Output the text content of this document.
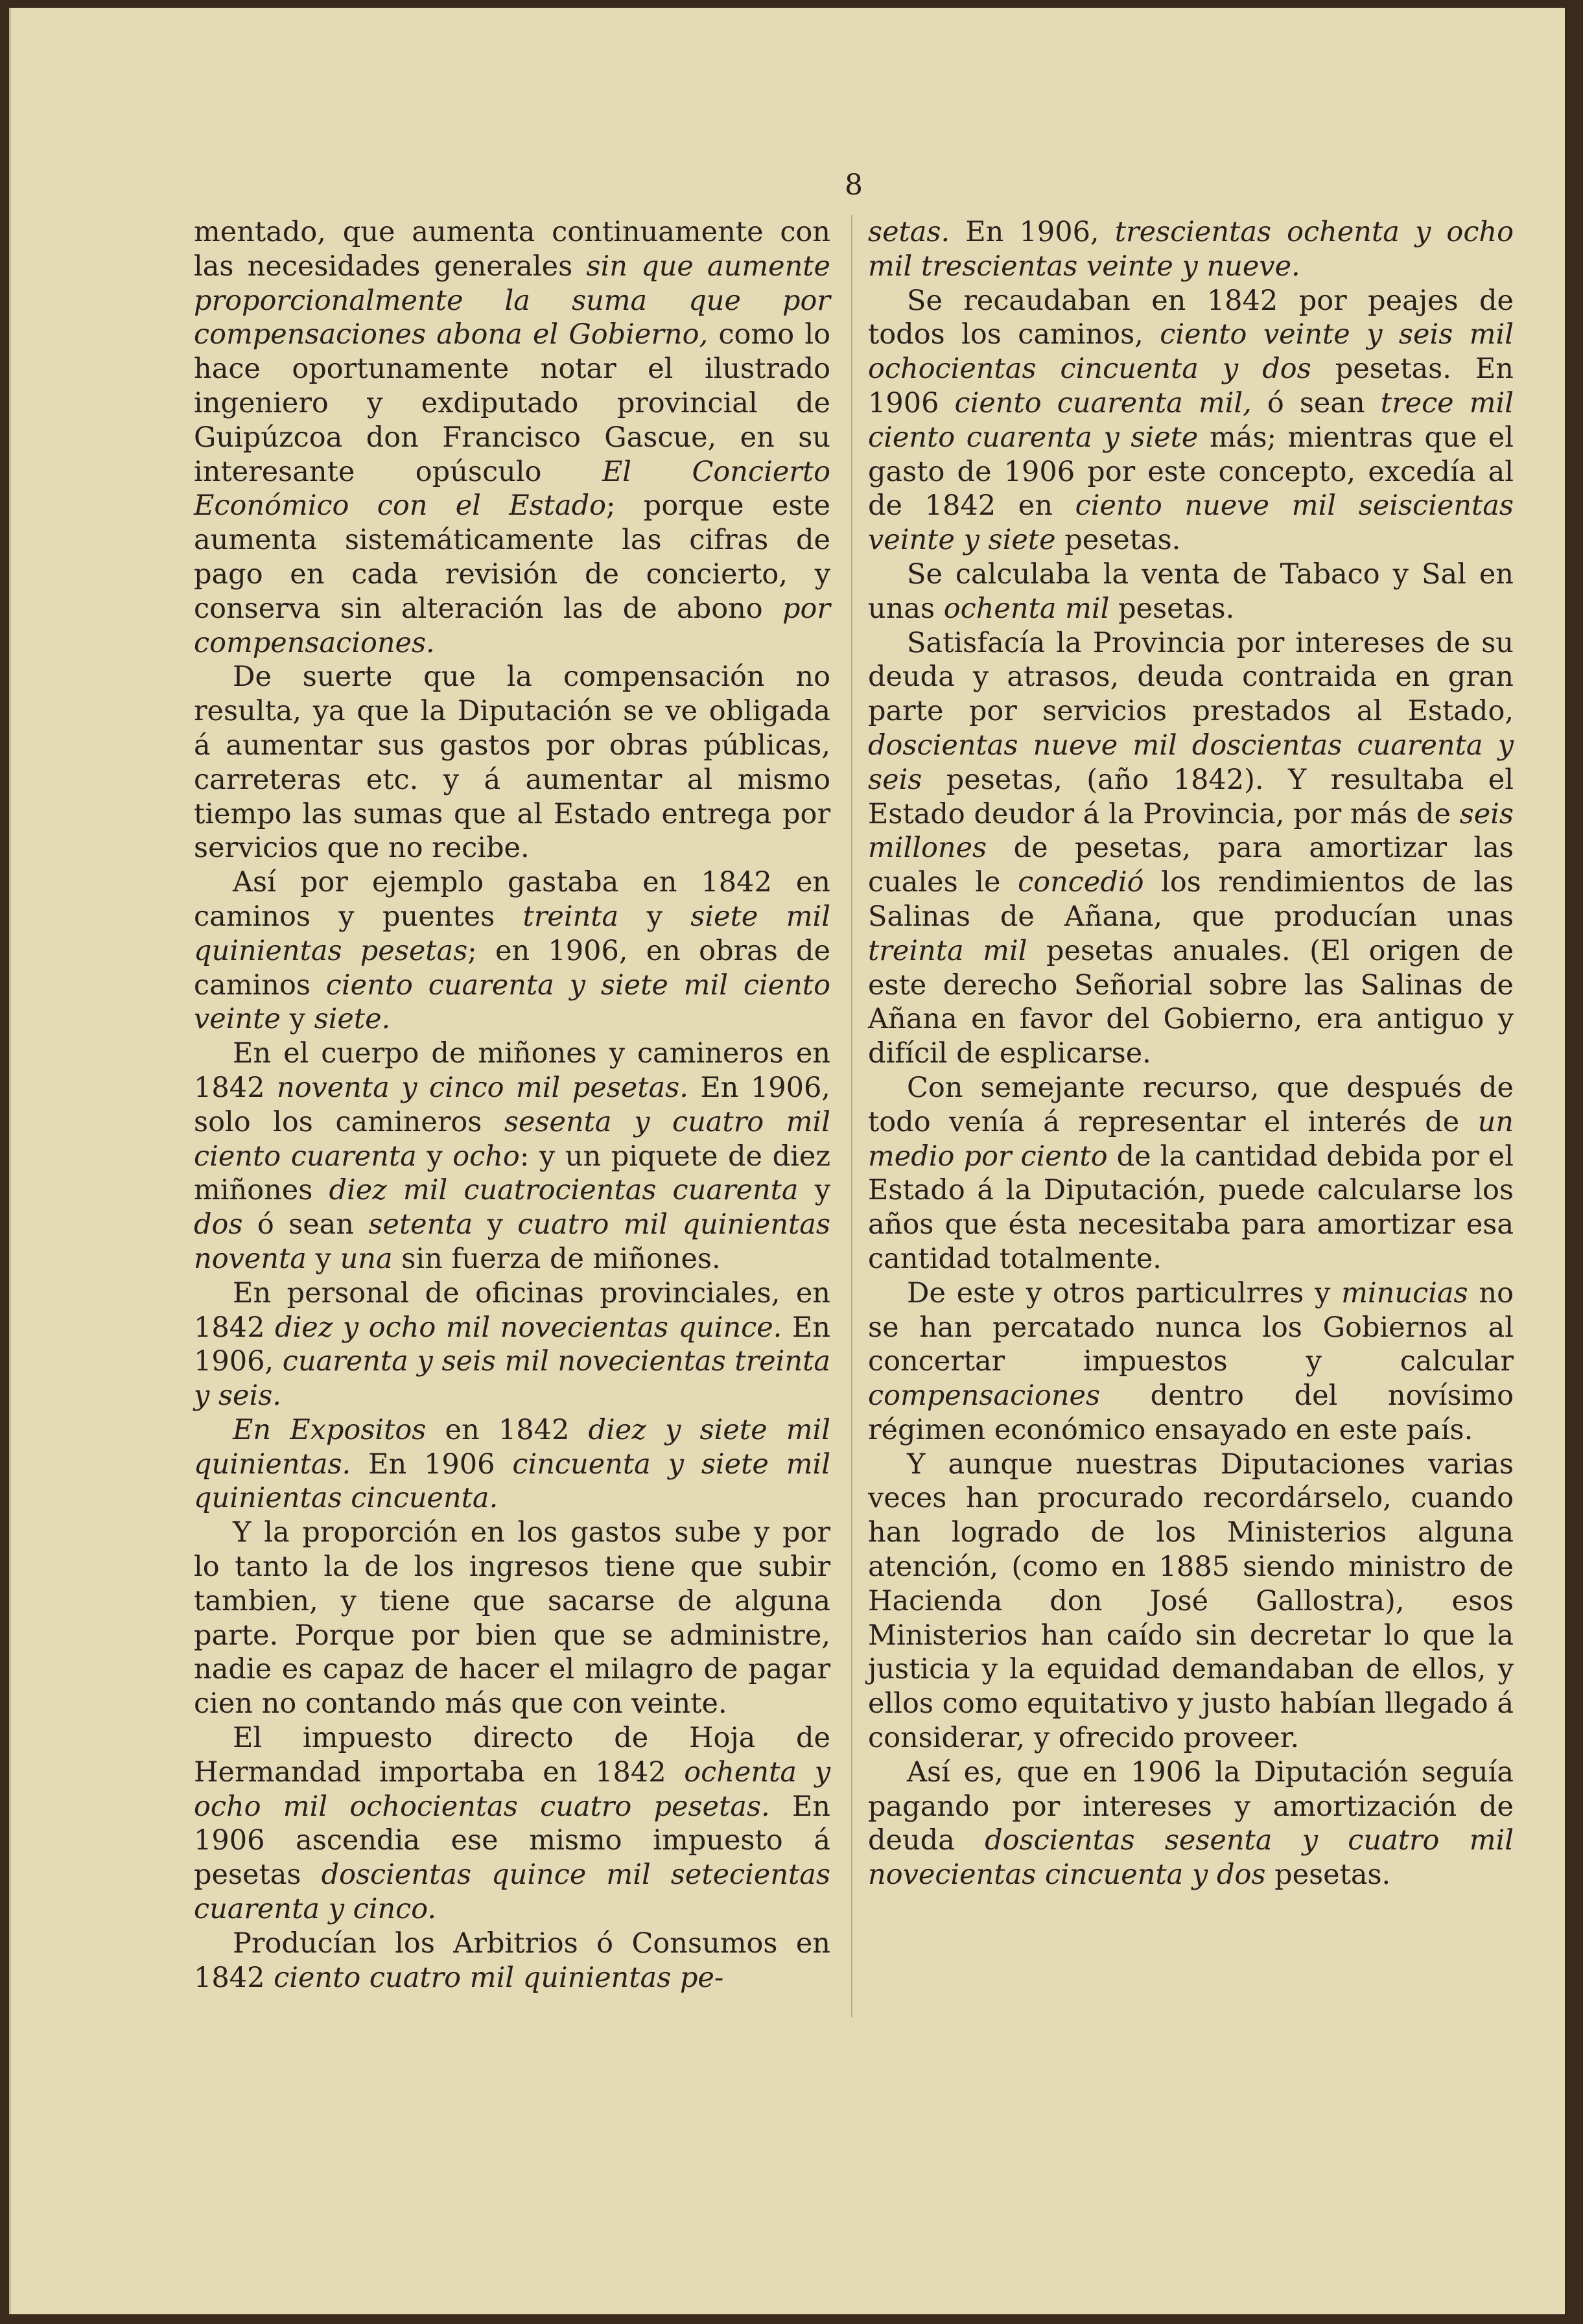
8

mentado, que aumenta continuamente con las necesidades generales sin que aumente proporcionalmente la suma que por compensaciones abona el Gobierno, como lo hace oportunamente notar el ilustrado ingeniero y exdiputado provincial de Guipúzcoa don Francisco Gascue, en su interesante opúsculo El Concierto Económico con el Estado; porque este aumenta sistemáticamente las cifras de pago en cada revisión de concierto, y conserva sin alteración las de abono por compensaciones.

De suerte que la compensación no resulta, ya que la Diputación se ve obligada á aumentar sus gastos por obras públicas, carreteras etc. y á aumentar al mismo tiempo las sumas que al Estado entrega por servicios que no recibe.

Así por ejemplo gastaba en 1842 en caminos y puentes treinta y siete mil quinientas pesetas; en 1906, en obras de caminos ciento cuarenta y siete mil ciento veinte y siete.

En el cuerpo de miñones y camineros en 1842 noventa y cinco mil pesetas. En 1906, solo los camineros sesenta y cuatro mil ciento cuarenta y ocho: y un piquete de diez miñones diez mil cuatrocientas cuarenta y dos ó sean setenta y cuatro mil quinientas noventa y una sin fuerza de miñones.

En personal de oficinas provinciales, en 1842 diez y ocho mil novecientas quince. En 1906, cuarenta y seis mil novecientas treinta y seis.

En Expositos en 1842 diez y siete mil quinientas. En 1906 cincuenta y siete mil quinientas cincuenta.

Y la proporción en los gastos sube y por lo tanto la de los ingresos tiene que subir tambien, y tiene que sacarse de alguna parte. Porque por bien que se administre, nadie es capaz de hacer el milagro de pagar cien no contando más que con veinte.

El impuesto directo de Hoja de Hermandad importaba en 1842 ochenta y ocho mil ochocientas cuatro pesetas. En 1906 ascendia ese mismo impuesto á pesetas doscientas quince mil setecientas cuarenta y cinco.

Producían los Arbitrios ó Consumos en 1842 ciento cuatro mil quinientas pe-

setas. En 1906, trescientas ochenta y ocho mil trescientas veinte y nueve.

Se recaudaban en 1842 por peajes de todos los caminos, ciento veinte y seis mil ochocientas cincuenta y dos pesetas. En 1906 ciento cuarenta mil, ó sean trece mil ciento cuarenta y siete más; mientras que el gasto de 1906 por este concepto, excedía al de 1842 en ciento nueve mil seiscientas veinte y siete pesetas.

Se calculaba la venta de Tabaco y Sal en unas ochenta mil pesetas.

Satisfacía la Provincia por intereses de su deuda y atrasos, deuda contraida en gran parte por servicios prestados al Estado, doscientas nueve mil doscientas cuarenta y seis pesetas, (año 1842). Y resultaba el Estado deudor á la Provincia, por más de seis millones de pesetas, para amortizar las cuales le concedió los rendimientos de las Salinas de Añana, que producían unas treinta mil pesetas anuales. (El origen de este derecho Señorial sobre las Salinas de Añana en favor del Gobierno, era antiguo y difícil de esplicarse.

Con semejante recurso, que después de todo venía á representar el interés de un medio por ciento de la cantidad debida por el Estado á la Diputación, puede calcularse los años que ésta necesitaba para amortizar esa cantidad totalmente.

De este y otros particulrres y minucias no se han percatado nunca los Gobiernos al concertar impuestos y calcular compensaciones dentro del novísimo régimen económico ensayado en este país.

Y aunque nuestras Diputaciones varias veces han procurado recordárselo, cuando han logrado de los Ministerios alguna atención, (como en 1885 siendo ministro de Hacienda don José Gallostra), esos Ministerios han caído sin decretar lo que la justicia y la equidad demandaban de ellos, y ellos como equitativo y justo habían llegado á considerar, y ofrecido proveer.

Así es, que en 1906 la Diputación seguía pagando por intereses y amortización de deuda doscientas sesenta y cuatro mil novecientas cincuenta y dos pesetas.
